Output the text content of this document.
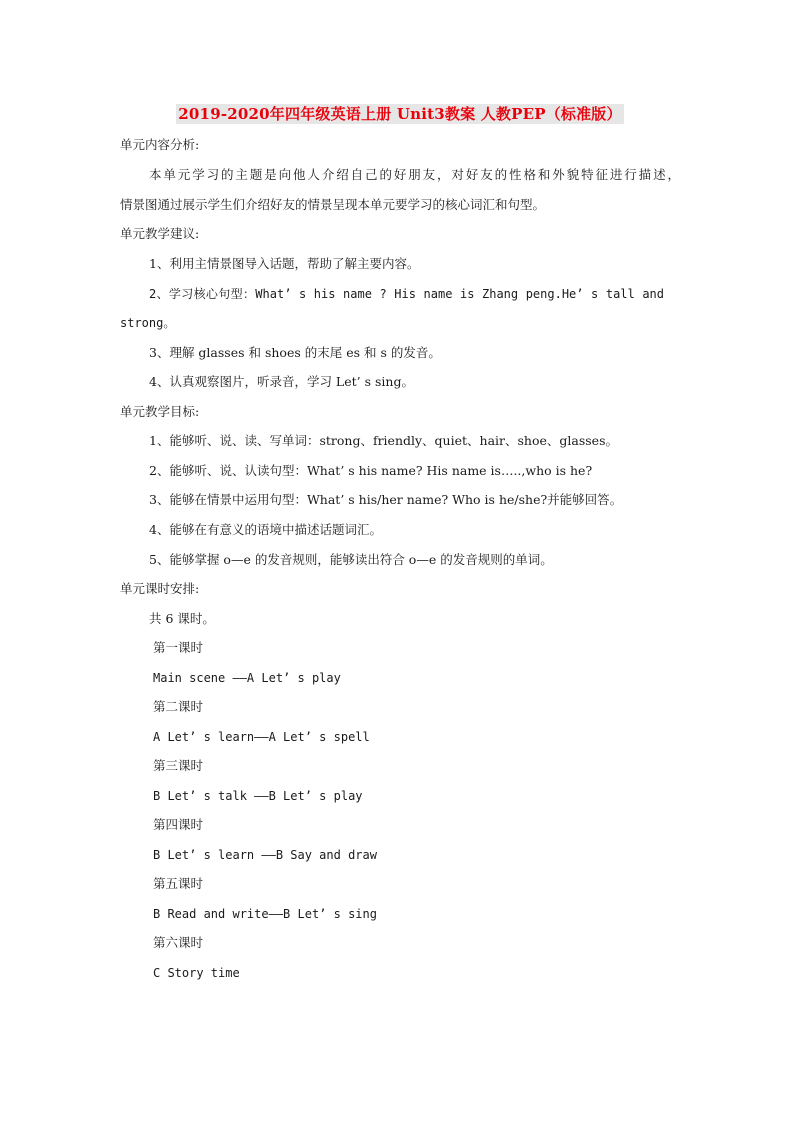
2019-2020年四年级英语上册 Unit3教案 人教PEP（标准版）
单元内容分析:
本单元学习的主题是向他人介绍自己的好朋友，对好友的性格和外貌特征进行描述，
情景图通过展示学生们介绍好友的情景呈现本单元要学习的核心词汇和句型。
单元教学建议:
1、利用主情景图导入话题，帮助了解主要内容。
2、学习核心句型：What’ s his name ? His name is Zhang peng.He’ s tall and
strong。
3、理解 glasses 和 shoes 的末尾 es 和 s 的发音。
4、认真观察图片，听录音，学习 Let’ s sing。
单元教学目标:
1、能够听、说、读、写单词：strong、friendly、quiet、hair、shoe、glasses。
2、能够听、说、认读句型：What’ s his name? His name is…..,who is he?
3、能够在情景中运用句型：What’ s his/her name? Who is he/she?并能够回答。
4、能够在有意义的语境中描述话题词汇。
5、能够掌握 o—e 的发音规则，能够读出符合 o—e 的发音规则的单词。
单元课时安排:
共 6 课时。
第一课时
Main scene ——A Let’ s play
第二课时
A Let’ s learn——A Let’ s spell
第三课时
B Let’ s talk ——B Let’ s play
第四课时
B Let’ s learn ——B Say and draw
第五课时
B Read and write——B Let’ s sing
第六课时
C Story time
